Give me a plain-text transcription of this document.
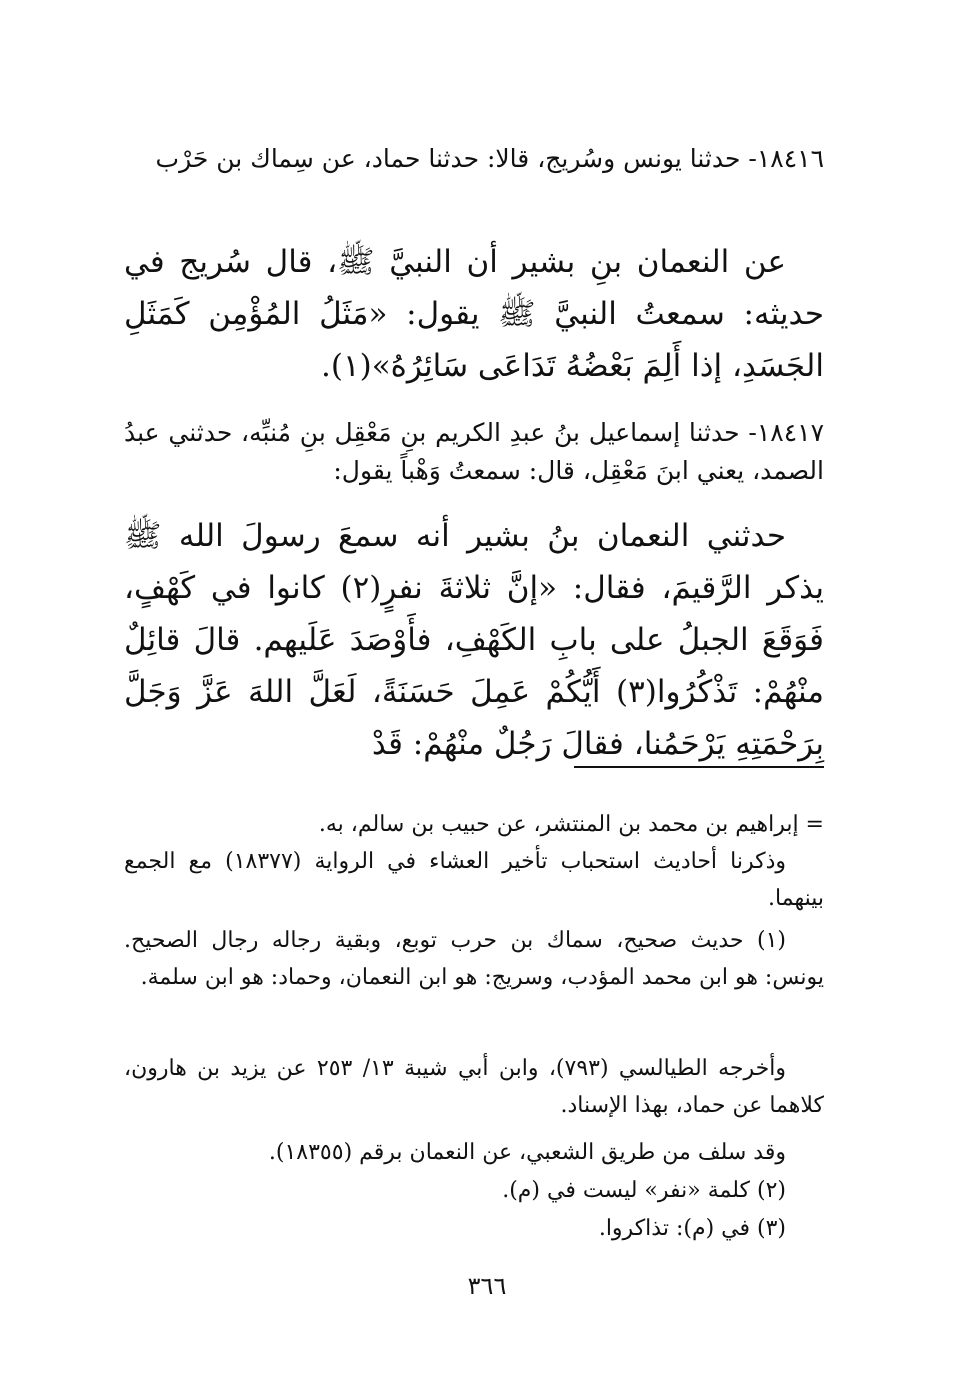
١٨٤١٦- حدثنا يونس وسُريج، قالا: حدثنا حماد، عن سِماك بن حَرْب
عن النعمان بنِ بشير أن النبيَّ ﷺ، قال سُريج في حديثه: سمعتُ النبيَّ ﷺ يقول: «مَثَلُ المُؤْمِن كَمَثَلِ الجَسَدِ، إذا أَلِمَ بَعْضُهُ تَدَاعَى سَائِرُهُ»(١).
١٨٤١٧- حدثنا إسماعيل بنُ عبدِ الكريم بنِ مَعْقِل بنِ مُنبِّه، حدثني عبدُ الصمد، يعني ابنَ مَعْقِل، قال: سمعتُ وَهْباً يقول:
حدثني النعمان بنُ بشير أنه سمعَ رسولَ الله ﷺ يذكر الرَّقيمَ، فقال: «إنَّ ثلاثةَ نفرٍ(٢) كانوا في كَهْفٍ، فَوَقَعَ الجبلُ على بابِ الكَهْفِ، فأَوْصَدَ عَلَيهم. قالَ قائِلٌ منْهُمْ: تَذْكُرُوا(٣) أَيُّكُمْ عَمِلَ حَسَنَةً، لَعَلَّ اللهَ عَزَّ وَجَلَّ بِرَحْمَتِهِ يَرْحَمُنا، فقالَ رَجُلٌ منْهُمْ: قَدْ
= إبراهيم بن محمد بن المنتشر، عن حبيب بن سالم، به.
وذكرنا أحاديث استحباب تأخير العشاء في الرواية (١٨٣٧٧) مع الجمع بينهما.
(١) حديث صحيح، سماك بن حرب توبع، وبقية رجاله رجال الصحيح. يونس: هو ابن محمد المؤدب، وسريج: هو ابن النعمان، وحماد: هو ابن سلمة.
وأخرجه الطيالسي (٧٩٣)، وابن أبي شيبة ١٣/ ٢٥٣ عن يزيد بن هارون، كلاهما عن حماد، بهذا الإسناد.
وقد سلف من طريق الشعبي، عن النعمان برقم (١٨٣٥٥).
(٢) كلمة «نفر» ليست في (م).
(٣) في (م): تذاكروا.
٣٦٦
